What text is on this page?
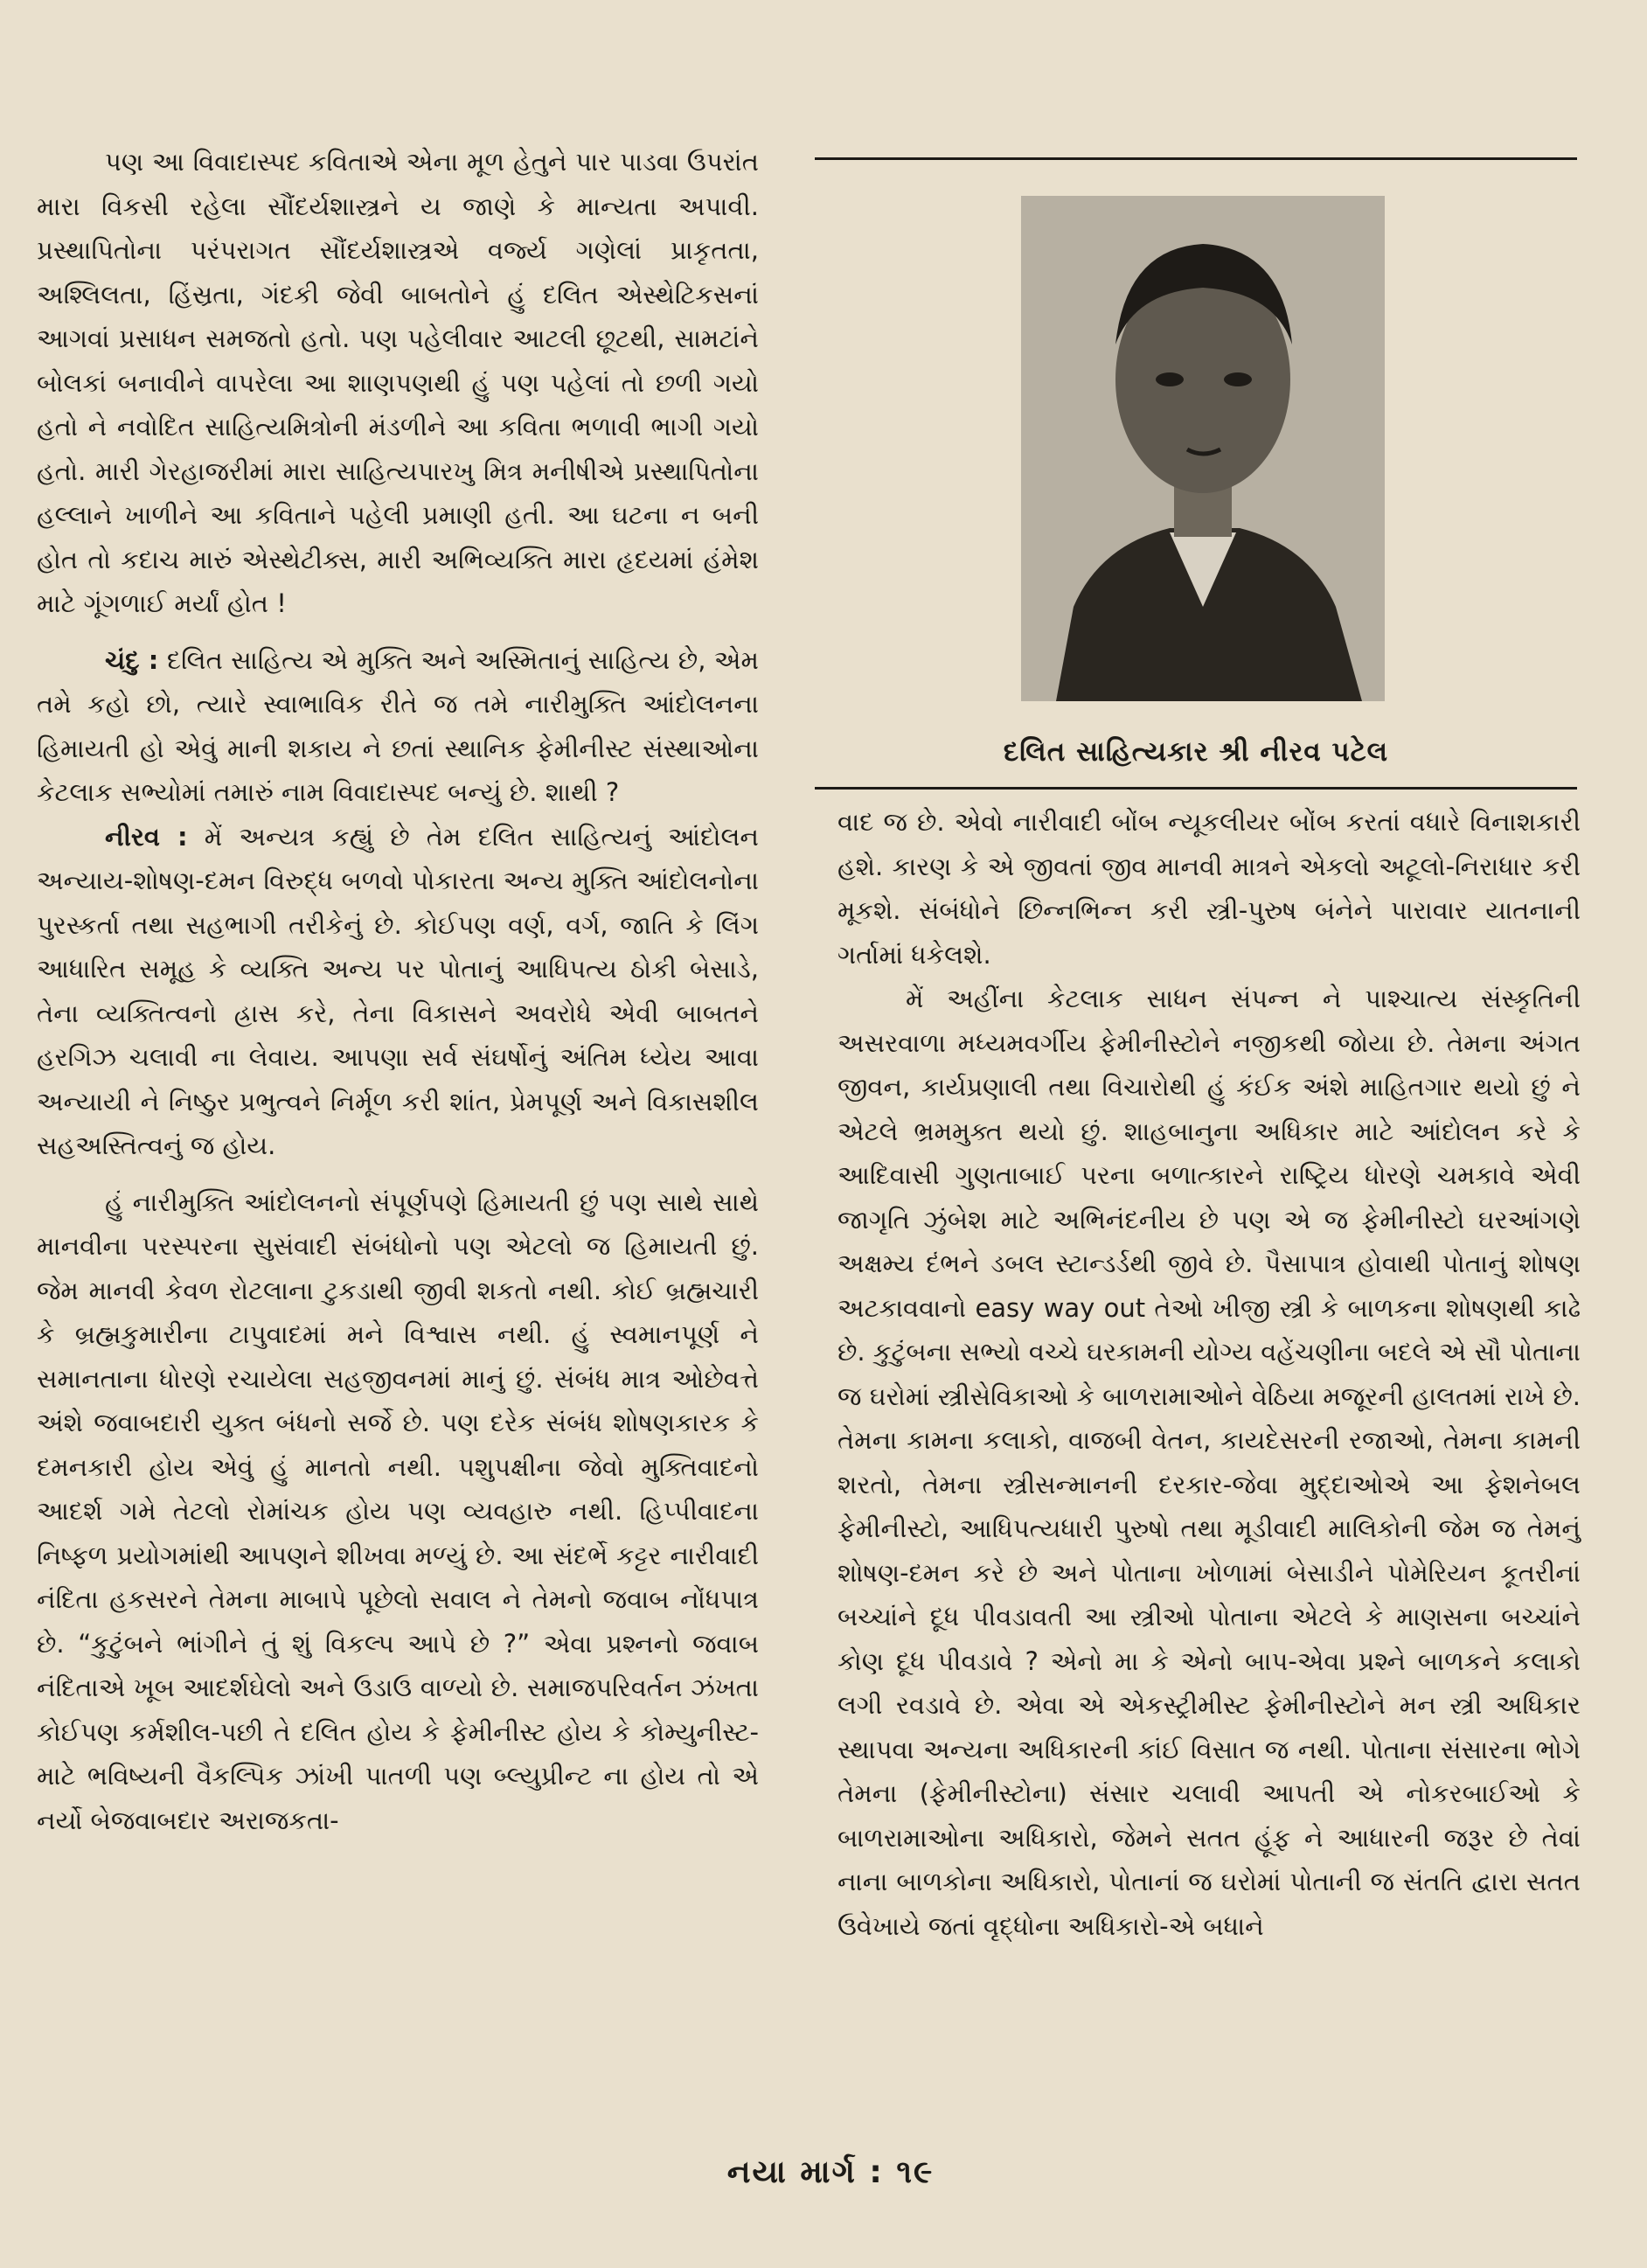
પણ આ વિવાદાસ્પદ કવિતાએ એના મૂળ હેતુને પાર પાડવા ઉપરાંત મારા વિકસી રહેલા સૌંદર્યશાસ્ત્રને ય જાણે કે માન્યતા અપાવી. પ્રસ્થાપિતોના પરંપરાગત સૌંદર્યશાસ્ત્રએ વર્જ્ય ગણેલાં પ્રાકૃતતા, અશ્લિલતા, હિંસ્રતા, ગંદકી જેવી બાબતોને હું દલિત એસ્થેટિકસનાં આગવાં પ્રસાધન સમજતો હતો. પણ પહેલીવાર આટલી છૂટથી, સામટાંને બોલકાં બનાવીને વાપરેલા આ શાણપણથી હું પણ પહેલાં તો છળી ગયો હતો ને નવોદિત સાહિત્યમિત્રોની મંડળીને આ કવિતા ભળાવી ભાગી ગયો હતો. મારી ગેરહાજરીમાં મારા સાહિત્યપારખુ મિત્ર મનીષીએ પ્રસ્થાપિતોના હલ્લાને ખાળીને આ કવિતાને પહેલી પ્રમાણી હતી. આ ઘટના ન બની હોત તો કદાચ મારું એસ્થેટીક્સ, મારી અભિવ્યક્તિ મારા હૃદયમાં હંમેશ માટે ગૂંગળાઈ મર્યાં હોત !

ચંદુ : દલિત સાહિત્ય એ મુક્તિ અને અસ્મિતાનું સાહિત્ય છે, એમ તમે કહો છો, ત્યારે સ્વાભાવિક રીતે જ તમે નારીમુક્તિ આંદોલનના હિમાયતી હો એવું માની શકાય ને છતાં સ્થાનિક ફેમીનીસ્ટ સંસ્થાઓના કેટલાક સભ્યોમાં તમારું નામ વિવાદાસ્પદ બન્યું છે. શાથી ?

નીરવ : મેં અન્યત્ર કહ્યું છે તેમ દલિત સાહિત્યનું આંદોલન અન્યાય-શોષણ-દમન વિરુદ્ધ બળવો પોકારતા અન્ય મુક્તિ આંદોલનોના પુરસ્કર્તા તથા સહભાગી તરીકેનું છે. કોઈપણ વર્ણ, વર્ગ, જાતિ કે લિંગ આધારિત સમૂહ કે વ્યક્તિ અન્ય પર પોતાનું આધિપત્ય ઠોકી બેસાડે, તેના વ્યક્તિત્વનો હ્રાસ કરે, તેના વિકાસને અવરોધે એવી બાબતને હરગિઝ ચલાવી ના લેવાય. આપણા સર્વ સંઘર્ષોનું અંતિમ ધ્યેય આવા અન્યાયી ને નિષ્ઠુર પ્રભુત્વને નિર્મૂળ કરી શાંત, પ્રેમપૂર્ણ અને વિકાસશીલ સહઅસ્તિત્વનું જ હોય.

હું નારીમુક્તિ આંદોલનનો સંપૂર્ણપણે હિમાયતી છું પણ સાથે સાથે માનવીના પરસ્પરના સુસંવાદી સંબંધોનો પણ એટલો જ હિમાયતી છું. જેમ માનવી કેવળ રોટલાના ટુકડાથી જીવી શકતો નથી. કોઈ બ્રહ્મચારી કે બ્રહ્મકુમારીના ટાપુવાદમાં મને વિશ્વાસ નથી. હું સ્વમાનપૂર્ણ ને સમાનતાના ધોરણે રચાયેલા સહજીવનમાં માનું છું. સંબંધ માત્ર ઓછેવત્તે અંશે જવાબદારી યુક્ત બંધનો સર્જે છે. પણ દરેક સંબંધ શોષણકારક કે દમનકારી હોય એવું હું માનતો નથી. પશુપક્ષીના જેવો મુક્તિવાદનો આદર્શ ગમે તેટલો રોમાંચક હોય પણ વ્યવહારુ નથી. હિપ્પીવાદના નિષ્ફળ પ્રયોગમાંથી આપણને શીખવા મળ્યું છે. આ સંદર્ભે કટ્ટર નારીવાદી નંદિતા હકસરને તેમના માબાપે પૂછેલો સવાલ ને તેમનો જવાબ નોંધપાત્ર છે. “કુટુંબને ભાંગીને તું શું વિકલ્પ આપે છે ?” એવા પ્રશ્નનો જવાબ નંદિતાએ ખૂબ આદર્શઘેલો અને ઉડાઉ વાળ્યો છે. સમાજપરિવર્તન ઝંખતા કોઈપણ કર્મશીલ-પછી તે દલિત હોય કે ફેમીનીસ્ટ હોય કે કોમ્યુનીસ્ટ-માટે ભવિષ્યની વૈકલ્પિક ઝાંખી પાતળી પણ બ્લ્યુપ્રીન્ટ ના હોય તો એ નર્યો બેજવાબદાર અરાજકતા-

દલિત સાહિત્યકાર શ્રી નીરવ પટેલ

વાદ જ છે. એવો નારીવાદી બોંબ ન્યૂકલીયર બોંબ કરતાં વધારે વિનાશકારી હશે. કારણ કે એ જીવતાં જીવ માનવી માત્રને એકલો અટૂલો-નિરાધાર કરી મૂકશે. સંબંધોને છિન્નભિન્ન કરી સ્ત્રી-પુરુષ બંનેને પારાવાર યાતનાની ગર્તામાં ધકેલશે.

મેં અહીંના કેટલાક સાધન સંપન્ન ને પાશ્ચાત્ય સંસ્કૃતિની અસરવાળા મધ્યમવર્ગીય ફેમીનીસ્ટોને નજીકથી જોયા છે. તેમના અંગત જીવન, કાર્યપ્રણાલી તથા વિચારોથી હું કંઈક અંશે માહિતગાર થયો છું ને એટલે ભ્રમમુક્ત થયો છું. શાહબાનુના અધિકાર માટે આંદોલન કરે કે આદિવાસી ગુણતાબાઈ પરના બળાત્કારને રાષ્ટ્રિય ધોરણે ચમકાવે એવી જાગૃતિ ઝુંબેશ માટે અભિનંદનીય છે પણ એ જ ફેમીનીસ્ટો ઘરઆંગણે અક્ષમ્ય દંભને ડબલ સ્ટાન્ડર્ડથી જીવે છે. પૈસાપાત્ર હોવાથી પોતાનું શોષણ અટકાવવાનો easy way out તેઓ ખીજી સ્ત્રી કે બાળકના શોષણથી કાઢે છે. કુટુંબના સભ્યો વચ્ચે ઘરકામની યોગ્ય વહેંચણીના બદલે એ સૌ પોતાના જ ઘરોમાં સ્ત્રીસેવિકાઓ કે બાળરામાઓને વેઠિયા મજૂરની હાલતમાં રાખે છે. તેમના કામના કલાકો, વાજબી વેતન, કાયદેસરની રજાઓ, તેમના કામની શરતો, તેમના સ્ત્રીસન્માનની દરકાર-જેવા મુદ્દાઓએ આ ફેશનેબલ ફેમીનીસ્ટો, આધિપત્યધારી પુરુષો તથા મૂડીવાદી માલિકોની જેમ જ તેમનું શોષણ-દમન કરે છે અને પોતાના ખોળામાં બેસાડીને પોમેરિયન કૂતરીનાં બચ્ચાંને દૂધ પીવડાવતી આ સ્ત્રીઓ પોતાના એટલે કે માણસના બચ્ચાંને કોણ દૂધ પીવડાવે ? એનો મા કે એનો બાપ-એવા પ્રશ્ને બાળકને કલાકો લગી રવડાવે છે. એવા એ એકસ્ટ્રીમીસ્ટ ફેમીનીસ્ટોને મન સ્ત્રી અધિકાર સ્થાપવા અન્યના અધિકારની કાંઈ વિસાત જ નથી. પોતાના સંસારના ભોગે તેમના (ફેમીનીસ્ટોના) સંસાર ચલાવી આપતી એ નોકરબાઈઓ કે બાળરામાઓના અધિકારો, જેમને સતત હૂંફ ને આધારની જરૂર છે તેવાં નાના બાળકોના અધિકારો, પોતાનાં જ ઘરોમાં પોતાની જ સંતતિ દ્વારા સતત ઉવેખાયે જતાં વૃદ્ધોના અધિકારો-એ બધાને

નયા માર્ગ : ૧૯
